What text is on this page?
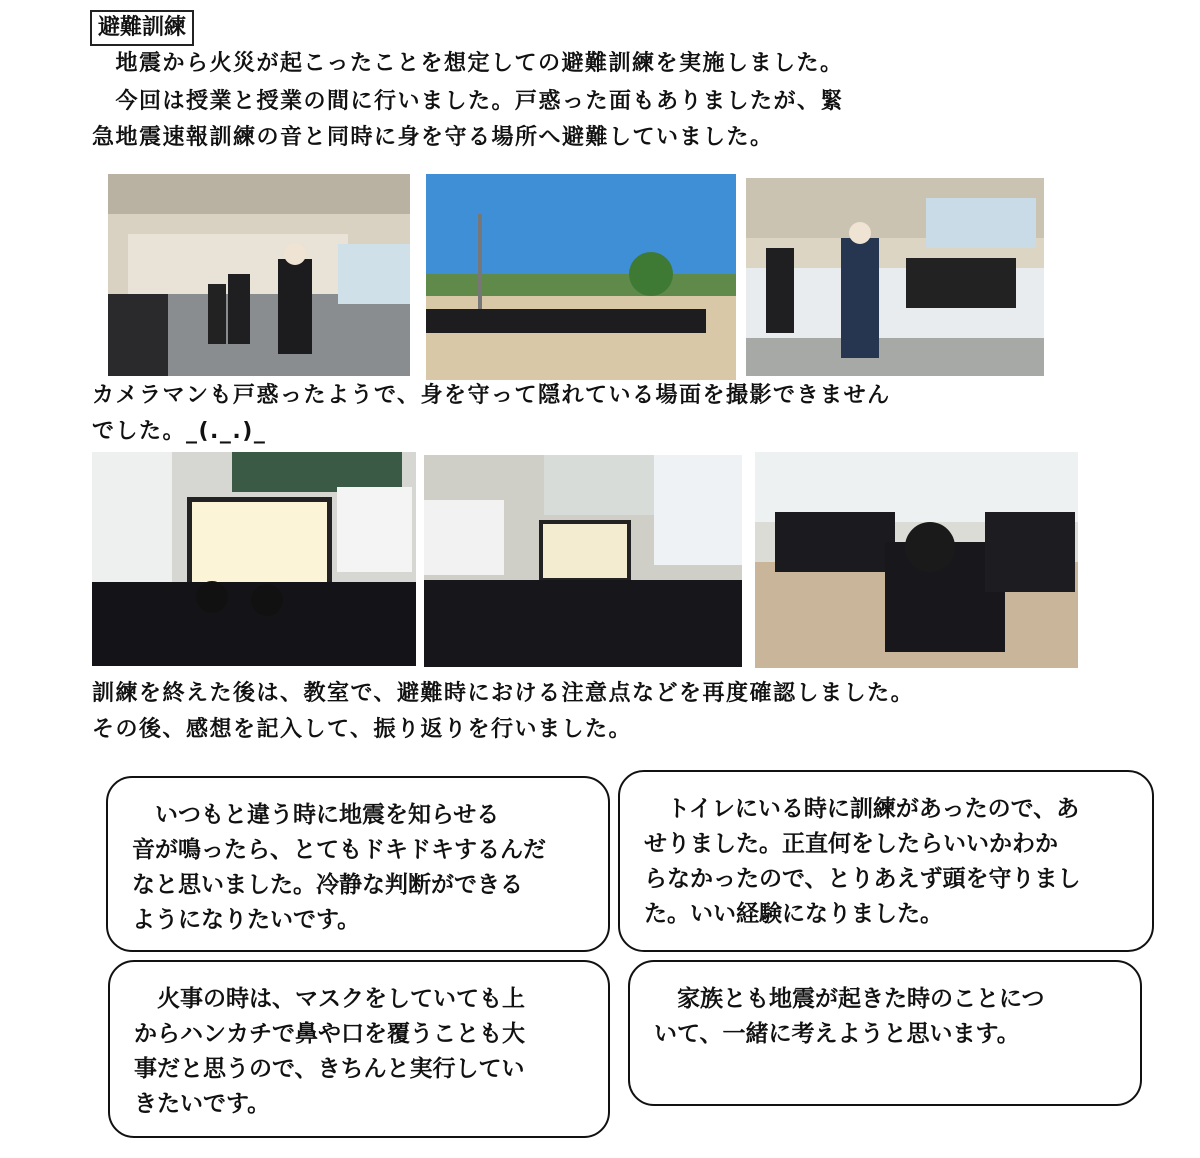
避難訓練
　地震から火災が起こったことを想定しての避難訓練を実施しました。
　今回は授業と授業の間に行いました。戸惑った面もありましたが、緊
急地震速報訓練の音と同時に身を守る場所へ避難していました。
カメラマンも戸惑ったようで、身を守って隠れている場面を撮影できません
でした。_(._.)_
訓練を終えた後は、教室で、避難時における注意点などを再度確認しました。
その後、感想を記入して、振り返りを行いました。
　いつもと違う時に地震を知らせる
音が鳴ったら、とてもドキドキするんだ
なと思いました。冷静な判断ができる
ようになりたいです。
　トイレにいる時に訓練があったので、あ
せりました。正直何をしたらいいかわか
らなかったので、とりあえず頭を守りまし
た。いい経験になりました。
　火事の時は、マスクをしていても上
からハンカチで鼻や口を覆うことも大
事だと思うので、きちんと実行してい
きたいです。
　家族とも地震が起きた時のことにつ
いて、一緒に考えようと思います。
